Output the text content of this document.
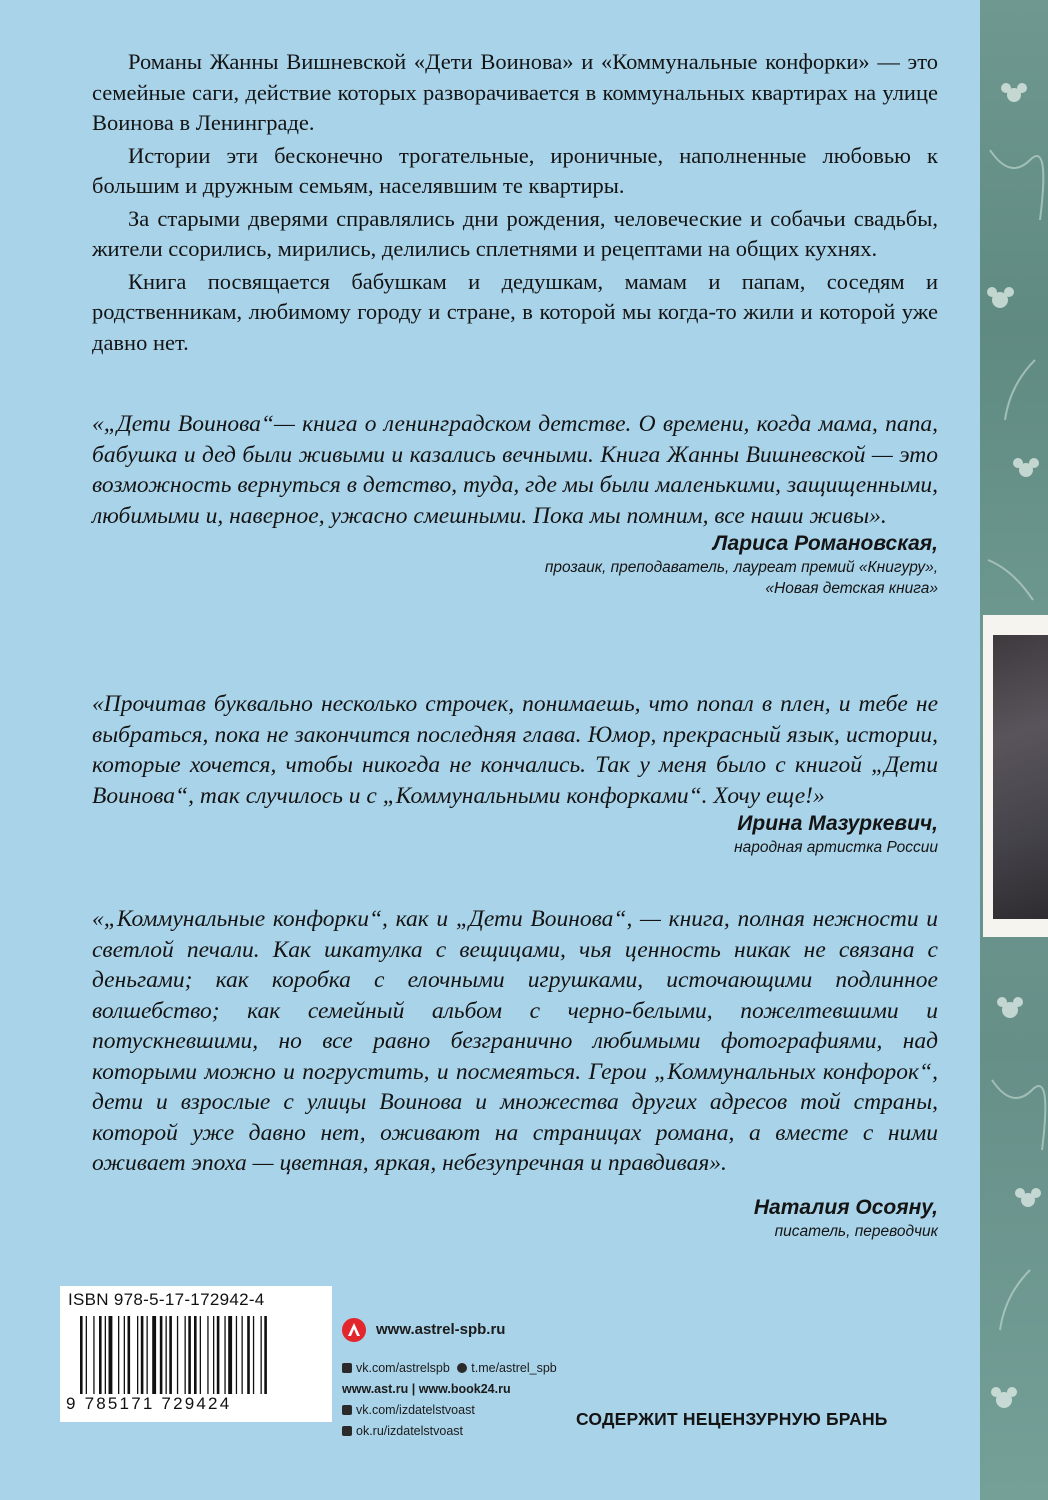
Романы Жанны Вишневской «Дети Воинова» и «Коммунальные конфорки» — это семейные саги, действие которых разворачивается в коммунальных квартирах на улице Воинова в Ленинграде.

Истории эти бесконечно трогательные, ироничные, наполненные любовью к большим и дружным семьям, населявшим те квартиры.

За старыми дверями справлялись дни рождения, человеческие и собачьи свадьбы, жители ссорились, мирились, делились сплетнями и рецептами на общих кухнях.

Книга посвящается бабушкам и дедушкам, мамам и папам, соседям и родственникам, любимому городу и стране, в которой мы когда-то жили и которой уже давно нет.

«„Дети Воинова“— книга о ленинградском детстве. О времени, когда мама, папа, бабушка и дед были живыми и казались вечными. Книга Жанны Вишневской — это возможность вернуться в детство, туда, где мы были маленькими, защищенными, любимыми и, наверное, ужасно смешными. Пока мы помним, все наши живы».

Лариса Романовская,

прозаик, преподаватель, лауреат премий «Книгуру»,

«Новая детская книга»

«Прочитав буквально несколько строчек, понимаешь, что попал в плен, и тебе не выбраться, пока не закончится последняя глава. Юмор, прекрасный язык, истории, которые хочется, чтобы никогда не кончались. Так у меня было с книгой „Дети Воинова“, так случилось и с „Коммунальными конфорками“. Хочу еще!»

Ирина Мазуркевич,

народная артистка России

«„Коммунальные конфорки“, как и „Дети Воинова“, — книга, полная нежности и светлой печали. Как шкатулка с вещицами, чья ценность никак не связана с деньгами; как коробка с елочными игрушками, источающими подлинное волшебство; как семейный альбом с черно-белыми, пожелтевшими и потускневшими, но все равно безгранично любимыми фотографиями, над которыми можно и погрустить, и посмеяться. Герои „Коммунальных конфорок“, дети и взрослые с улицы Воинова и множества других адресов той страны, которой уже давно нет, оживают на страницах романа, а вместе с ними оживает эпоха — цветная, яркая, небезупречная и правдивая».

Наталия Осояну,

писатель, переводчик

ISBN 978-5-17-172942-4
9 785171 729424
www.astrel-spb.ru
vk.com/astrelspb t.me/astrel_spb
www.ast.ru | www.book24.ru
vk.com/izdatelstvoast
ok.ru/izdatelstvoast
СОДЕРЖИТ НЕЦЕНЗУРНУЮ БРАНЬ
